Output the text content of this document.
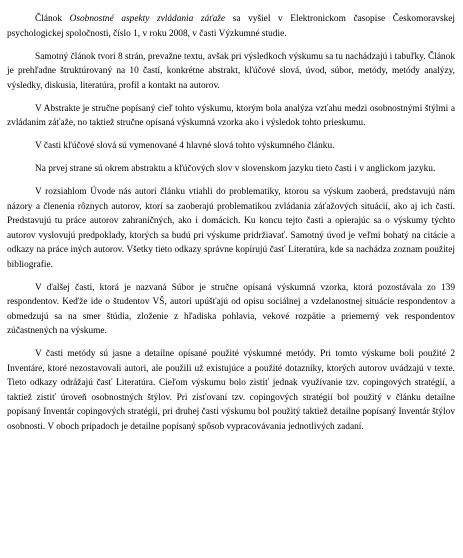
Článok Osobnostné aspekty zvládania záťaže sa vyšiel v Elektronickom časopise Českomoravskej psychologickej spoločnosti, číslo 1, v roku 2008, v časti Výzkumné studie.

Samotný článok tvorí 8 strán, prevažne textu, avšak pri výsledkoch výskumu sa tu nachádzajú i tabuľky. Článok je prehľadne štruktúrovaný na 10 častí, konkrétne abstrakt, kľúčové slová, úvod, súbor, metódy, metódy analýzy, výsledky, diskusia, literatúra, profil a kontakt na autorov.

V Abstrakte je stručne popísaný cieľ tohto výskumu, ktorým bola analýza vzťahu medzi osobnostnými štýlmi a zvládaním záťaže, no taktiež stručne opísaná výskumná vzorka ako i výsledok tohto prieskumu.

V časti kľúčové slová sú vymenované 4 hlavné slová tohto výskumného článku.

Na prvej strane sú okrem abstraktu a kľúčových slov v slovenskom jazyku tieto časti i v anglickom jazyku.

V rozsiahlom Úvode nás autori článku vtiahli do problematiky, ktorou sa výskum zaoberá, predstavujú nám názory a členenia rôznych autorov, ktorí sa zaoberajú problematikou zvládania záťažových situácií, ako aj ich častí. Predstavujú tu práce autorov zahraničných, ako i domácich. Ku koncu tejto časti a opierajúc sa o výskumy týchto autorov vyslovujú predpoklady, ktorých sa budú pri výskume pridržiavať. Samotný úvod je veľmi bohatý na citácie a odkazy na práce iných autorov. Všetky tieto odkazy správne kopírujú časť Literatúra, kde sa nachádza zoznam použitej bibliografie.

V ďalšej časti, ktorá je nazvaná Súbor je stručne opísaná výskumná vzorka, ktorá pozostávala zo 139 respondentov. Keďže ide o študentov VŠ, autori upúšťajú od opisu sociálnej a vzdelanostnej situácie respondentov a obmedzujú sa na smer štúdia, zloženie z hľadiska pohlavia, vekové rozpätie a priemerný vek respondentov zúčastnených na výskume.

V časti metódy sú jasne a detailne opísané použité výskumné metódy. Pri tomto výskume boli použité 2 Inventáre, ktoré nezostavovali autori, ale použili už existujúce a použité dotazníky, ktorých autorov uvádzajú v texte. Tieto odkazy odrážajú časť Literatúra. Cieľom výskumu bolo zistiť jednak využívanie tzv. copingových stratégií, a taktiež zistiť úroveň osobnostných štýlov. Pri zisťovaní tzv. copingových stratégií bol použitý v článku detailne popísaný Inventár copingových stratégií, pri druhej časti výskumu bol použitý taktiež detailne popísaný Inventár štýlov osobnosti. V oboch prípadoch je detailne popísaný spôsob vypracovávania jednotlivých zadaní.
